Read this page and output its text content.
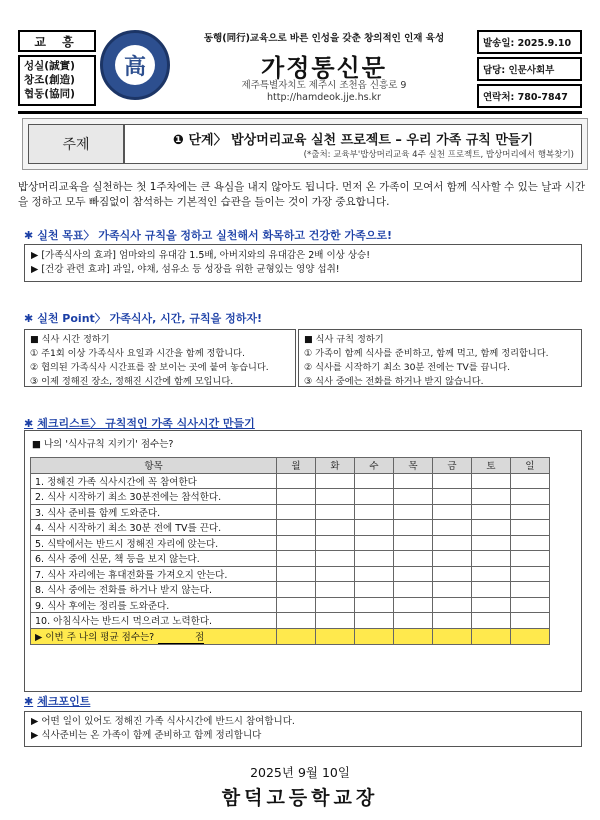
교 흥
성실(誠實)
창조(創造)
협동(協同)
高
동행(同行)교육으로 바른 인성을 갖춘 창의적인 인재 육성
가정통신문
제주특별자치도 제주시 조천읍 신흥로 9
http://hamdeok.jje.hs.kr
발송일: 2025.9.10
담당: 인문사회부
연락처: 780-7847
주제	❶ 단계〉 밥상머리교육 실천 프로젝트 – 우리 가족 규칙 만들기
(*출처: 교육부'밥상머리교육 4주 실천 프로젝트, 밥상머리에서 행복찾기)
밥상머리교육을 실천하는 첫 1주차에는 큰 욕심을 내지 않아도 됩니다. 먼저 온 가족이 모여서 함께 식사할 수 있는 날과 시간을 정하고 모두 빠짐없이 참석하는 기본적인 습관을 들이는 것이 가장 중요합니다.
✱ 실천 목표〉 가족식사 규칙을 정하고 실천해서 화목하고 건강한 가족으로!
▶ [가족식사의 효과] 엄마와의 유대감 1.5배, 아버지와의 유대감은 2배 이상 상승!
▶ [건강 관련 효과] 과일, 야채, 섬유소 등 성장을 위한 균형있는 영양 섭취!
✱ 실천 Point〉 가족식사, 시간, 규칙을 정하자!
■ 식사 시간 정하기
① 주1회 이상 가족식사 요일과 시간을 함께 정합니다.
② 협의된 가족식사 시간표를 잘 보이는 곳에 붙여 놓습니다.
③ 이제 정해진 장소, 정해진 시간에 함께 모입니다.
■ 식사 규칙 정하기
① 가족이 함께 식사를 준비하고, 함께 먹고, 함께 정리합니다.
② 식사를 시작하기 최소 30분 전에는 TV를 끕니다.
③ 식사 중에는 전화를 하거나 받지 않습니다.
✱ 체크리스트〉 규칙적인 가족 식사시간 만들기
■ 나의 '식사규칙 지키기' 점수는?
항목	월	화	수	목	금	토	일
1. 정해진 가족 식사시간에 꼭 참여한다							
2. 식사 시작하기 최소 30분전에는 참석한다.							
3. 식사 준비를 함께 도와준다.							
4. 식사 시작하기 최소 30분 전에 TV를 끈다.							
5. 식탁에서는 반드시 정해진 자리에 앉는다.							
6. 식사 중에 신문, 책 등을 보지 않는다.							
7. 식사 자리에는 휴대전화를 가져오지 안는다.							
8. 식사 중에는 전화를 하거나 받지 않는다.							
9. 식사 후에는 정리를 도와준다.							
10. 아침식사는 반드시 먹으려고 노력한다.							
▶ 이번 주 나의 평균 점수는? 점							
✱ 체크포인트
▶ 어떤 일이 있어도 정해진 가족 식사시간에 반드시 참여합니다.
▶ 식사준비는 온 가족이 함께 준비하고 함께 정리합니다
2025년 9월 10일
함덕고등학교장
